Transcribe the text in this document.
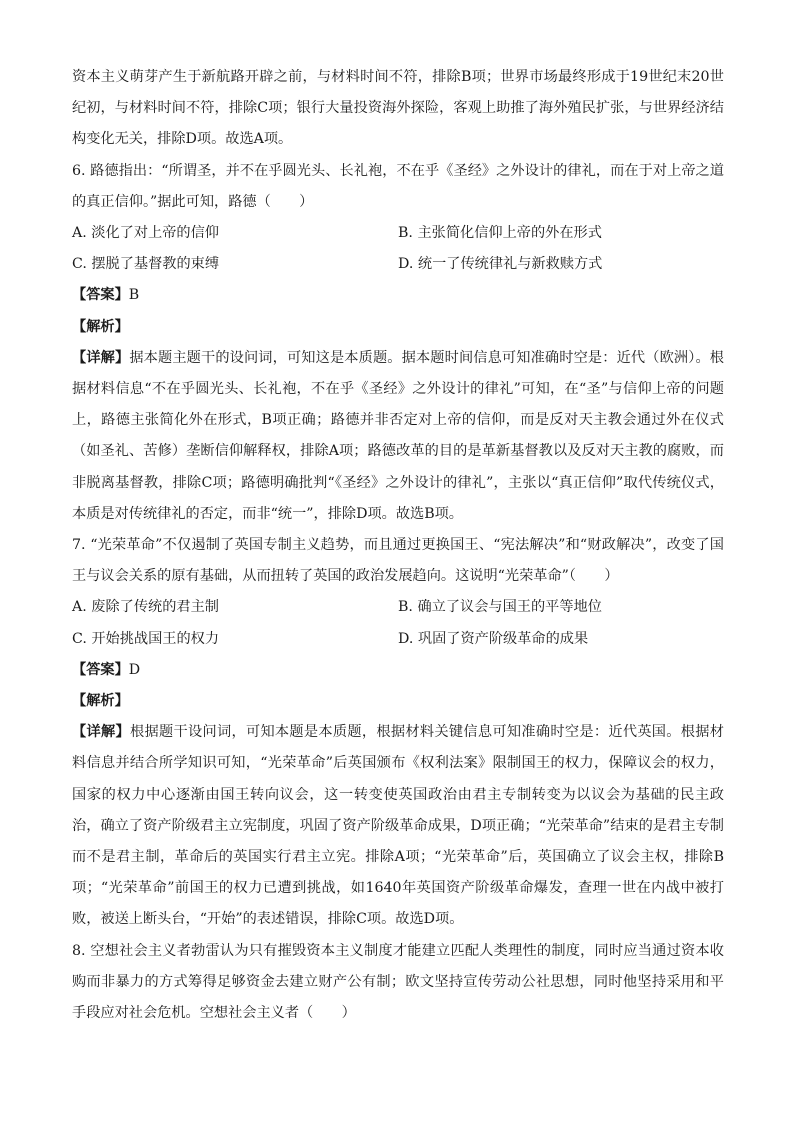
资本主义萌芽产生于新航路开辟之前，与材料时间不符，排除B项；世界市场最终形成于19世纪末20世纪初，与材料时间不符，排除C项；银行大量投资海外探险，客观上助推了海外殖民扩张，与世界经济结构变化无关，排除D项。故选A项。

6. 路德指出：“所谓圣，并不在乎圆光头、长礼袍，不在乎《圣经》之外设计的律礼，而在于对上帝之道的真正信仰。”据此可知，路德（　　）

A. 淡化了对上帝的信仰	B. 主张简化信仰上帝的外在形式
C. 摆脱了基督教的束缚	D. 统一了传统律礼与新救赎方式

【答案】B

【解析】

【详解】据本题主题干的设问词，可知这是本质题。据本题时间信息可知准确时空是：近代（欧洲）。根据材料信息“不在乎圆光头、长礼袍，不在乎《圣经》之外设计的律礼”可知，在“圣”与信仰上帝的问题上，路德主张简化外在形式，B项正确；路德并非否定对上帝的信仰，而是反对天主教会通过外在仪式（如圣礼、苦修）垄断信仰解释权，排除A项；路德改革的目的是革新基督教以及反对天主教的腐败，而非脱离基督教，排除C项；路德明确批判“《圣经》之外设计的律礼”，主张以“真正信仰”取代传统仪式，本质是对传统律礼的否定，而非“统一”，排除D项。故选B项。

7. “光荣革命”不仅遏制了英国专制主义趋势，而且通过更换国王、“宪法解决”和“财政解决”，改变了国王与议会关系的原有基础，从而扭转了英国的政治发展趋向。这说明“光荣革命”（　　）

A. 废除了传统的君主制	B. 确立了议会与国王的平等地位
C. 开始挑战国王的权力	D. 巩固了资产阶级革命的成果

【答案】D

【解析】

【详解】根据题干设问词，可知本题是本质题，根据材料关键信息可知准确时空是：近代英国。根据材料信息并结合所学知识可知，“光荣革命”后英国颁布《权利法案》限制国王的权力，保障议会的权力，国家的权力中心逐渐由国王转向议会，这一转变使英国政治由君主专制转变为以议会为基础的民主政治，确立了资产阶级君主立宪制度，巩固了资产阶级革命成果，D项正确；“光荣革命”结束的是君主专制而不是君主制，革命后的英国实行君主立宪。排除A项；“光荣革命”后，英国确立了议会主权，排除B项；“光荣革命”前国王的权力已遭到挑战，如1640年英国资产阶级革命爆发，查理一世在内战中被打败，被送上断头台，“开始”的表述错误，排除C项。故选D项。

8. 空想社会主义者勃雷认为只有摧毁资本主义制度才能建立匹配人类理性的制度，同时应当通过资本收购而非暴力的方式筹得足够资金去建立财产公有制；欧文坚持宣传劳动公社思想，同时他坚持采用和平手段应对社会危机。空想社会主义者（　　）
